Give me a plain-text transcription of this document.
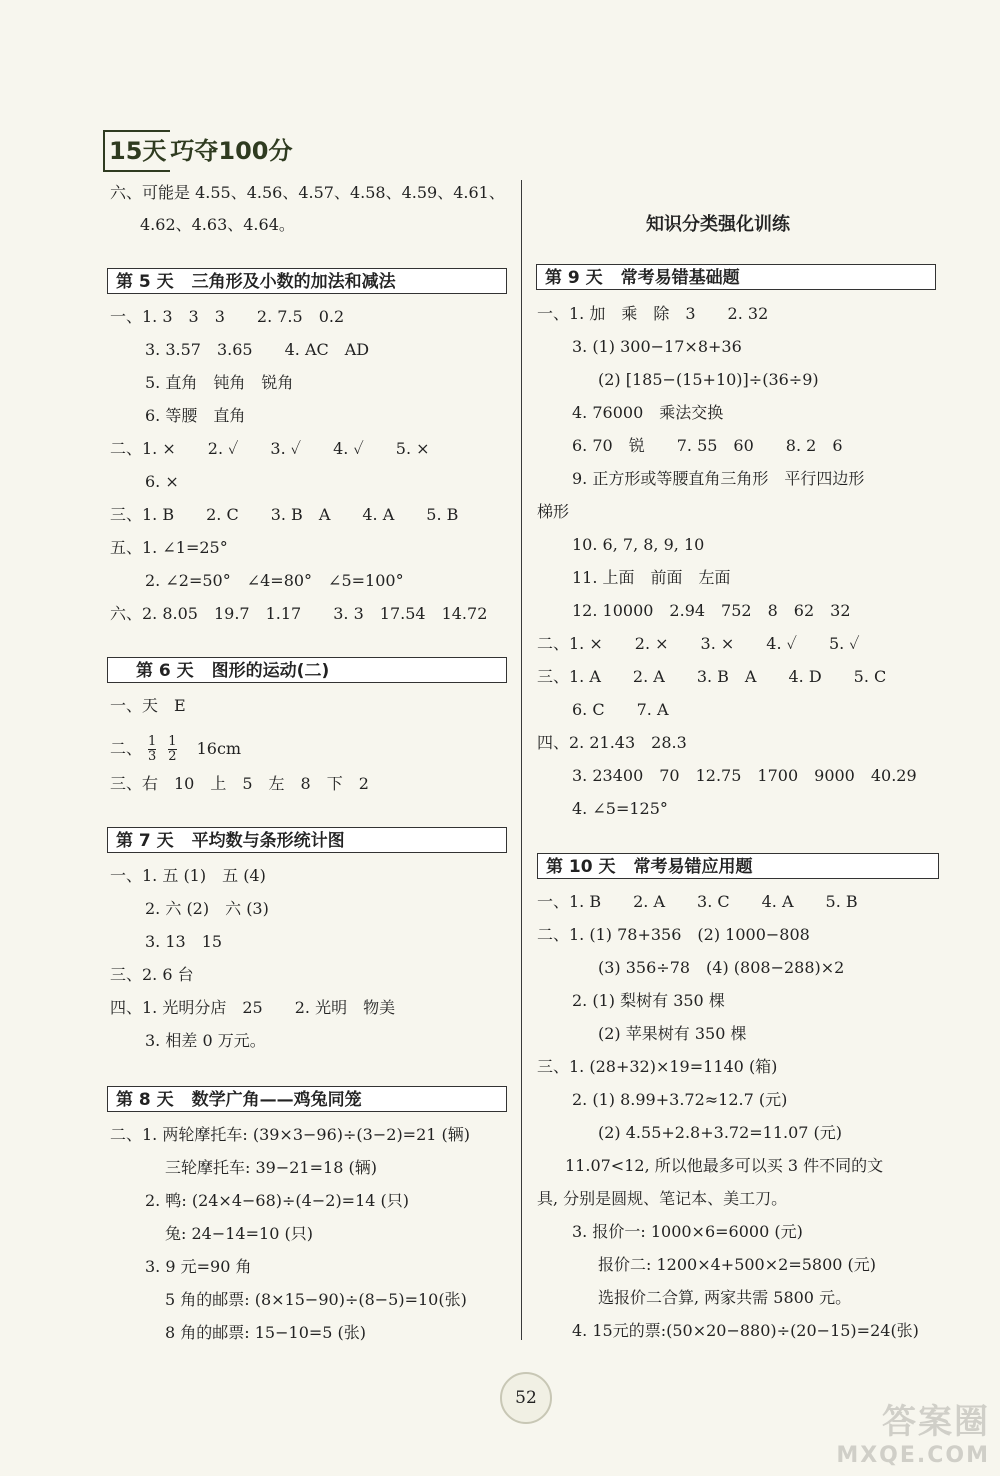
15天 巧夺100分
六、可能是 4.55、4.56、4.57、4.58、4.59、4.61、
4.62、4.63、4.64。
第 5 天 三角形及小数的加法和减法
一、1. 3　3　3　　2. 7.5　0.2
3. 3.57　3.65　　4. AC　AD
5. 直角　钝角　锐角
6. 等腰　直角
二、1. ×　　2. ✓　　3. ✓　　4. ✓　　5. ×
6. ×
三、1. B　　2. C　　3. B　A　　4. A　　5. B
五、1. ∠1=25°
2. ∠2=50°　∠4=80°　∠5=100°
六、2. 8.05　19.7　1.17　　3. 3　17.54　14.72
第 6 天 图形的运动(二)
一、天　E
二、 $\frac{1}{3} \frac{1}{2} 16cm$
三、右　10　上　5　左　8　下　2
第 7 天 平均数与条形统计图
一、1. 五 (1)　五 (4)
2. 六 (2)　六 (3)
3. 13　15
三、2. 6 台
四、1. 光明分店　25　　2. 光明　物美
3. 相差 0 万元。
第 8 天 数学广角——鸡兔同笼
二、1. 两轮摩托车: (39×3−96)÷(3−2)=21 (辆)
三轮摩托车: 39−21=18 (辆)
2. 鸭: (24×4−68)÷(4−2)=14 (只)
兔: 24−14=10 (只)
3. 9 元=90 角
5 角的邮票: (8×15−90)÷(8−5)=10(张)
8 角的邮票: 15−10=5 (张)
知识分类强化训练
第 9 天 常考易错基础题
一、1. 加　乘　除　3　　2. 32
3. (1) 300−17×8+36
(2) [185−(15+10)]÷(36÷9)
4. 76000　乘法交换
6. 70　锐　　7. 55　60　　8. 2　6
9. 正方形或等腰直角三角形　平行四边形
梯形
10. 6, 7, 8, 9, 10
11. 上面　前面　左面
12. 10000　2.94　752　8　62　32
二、1. ×　　2. ×　　3. ×　　4. ✓　　5. ✓
三、1. A　　2. A　　3. B　A　　4. D　　5. C
6. C　　7. A
四、2. 21.43　28.3
3. 23400　70　12.75　1700　9000　40.29
4. ∠5=125°
第 10 天 常考易错应用题
一、1. B　　2. A　　3. C　　4. A　　5. B
二、1. (1) 78+356　(2) 1000−808
(3) 356÷78　(4) (808−288)×2
2. (1) 梨树有 350 棵
(2) 苹果树有 350 棵
三、1. (28+32)×19=1140 (箱)
2. (1) 8.99+3.72≈12.7 (元)
(2) 4.55+2.8+3.72=11.07 (元)
11.07<12, 所以他最多可以买 3 件不同的文
具, 分别是圆规、笔记本、美工刀。
3. 报价一: 1000×6=6000 (元)
报价二: 1200×4+500×2=5800 (元)
选报价二合算, 两家共需 5800 元。
4. 15元的票:(50×20−880)÷(20−15)=24(张)
52
答案圈
MXQE.COM
